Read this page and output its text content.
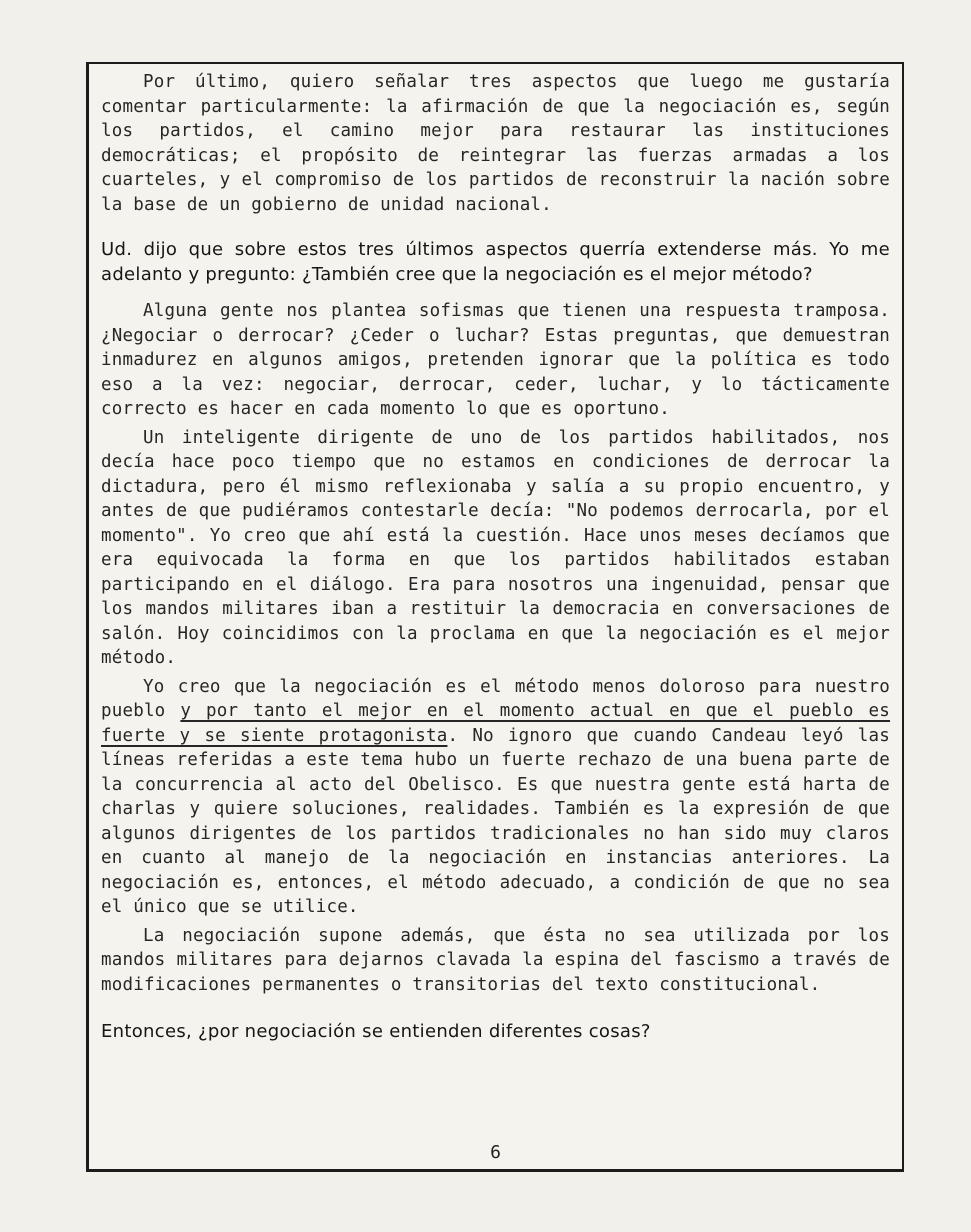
Por último, quiero señalar tres aspectos que luego me gustaría comentar particularmente: la afirmación de que la negociación es, según los partidos, el camino mejor para restaurar las instituciones democráticas; el propósito de reintegrar las fuerzas armadas a los cuarteles, y el compromiso de los partidos de reconstruir la nación sobre la base de un gobierno de unidad nacional.

Ud. dijo que sobre estos tres últimos aspectos querría extenderse más. Yo me adelanto y pregunto: ¿También cree que la negociación es el mejor método?

Alguna gente nos plantea sofismas que tienen una respuesta tramposa. ¿Negociar o derrocar? ¿Ceder o luchar? Estas preguntas, que demuestran inmadurez en algunos amigos, pretenden ignorar que la política es todo eso a la vez: negociar, derrocar, ceder, luchar, y lo tácticamente correcto es hacer en cada momento lo que es oportuno.

Un inteligente dirigente de uno de los partidos habilitados, nos decía hace poco tiempo que no estamos en condiciones de derrocar la dictadura, pero él mismo reflexionaba y salía a su propio encuentro, y antes de que pudiéramos contestarle decía: "No podemos derrocarla, por el momento". Yo creo que ahí está la cuestión. Hace unos meses decíamos que era equivocada la forma en que los partidos habilitados estaban participando en el diálogo. Era para nosotros una ingenuidad, pensar que los mandos militares iban a restituir la democracia en conversaciones de salón. Hoy coincidimos con la proclama en que la negociación es el mejor método.

Yo creo que la negociación es el método menos doloroso para nuestro pueblo y por tanto el mejor en el momento actual en que el pueblo es fuerte y se siente protagonista. No ignoro que cuando Candeau leyó las líneas referidas a este tema hubo un fuerte rechazo de una buena parte de la concurrencia al acto del Obelisco. Es que nuestra gente está harta de charlas y quiere soluciones, realidades. También es la expresión de que algunos dirigentes de los partidos tradicionales no han sido muy claros en cuanto al manejo de la negociación en instancias anteriores. La negociación es, entonces, el método adecuado, a condición de que no sea el único que se utilice.

La negociación supone además, que ésta no sea utilizada por los mandos militares para dejarnos clavada la espina del fascismo a través de modificaciones permanentes o transitorias del texto constitucional.

Entonces, ¿por negociación se entienden diferentes cosas?

6
